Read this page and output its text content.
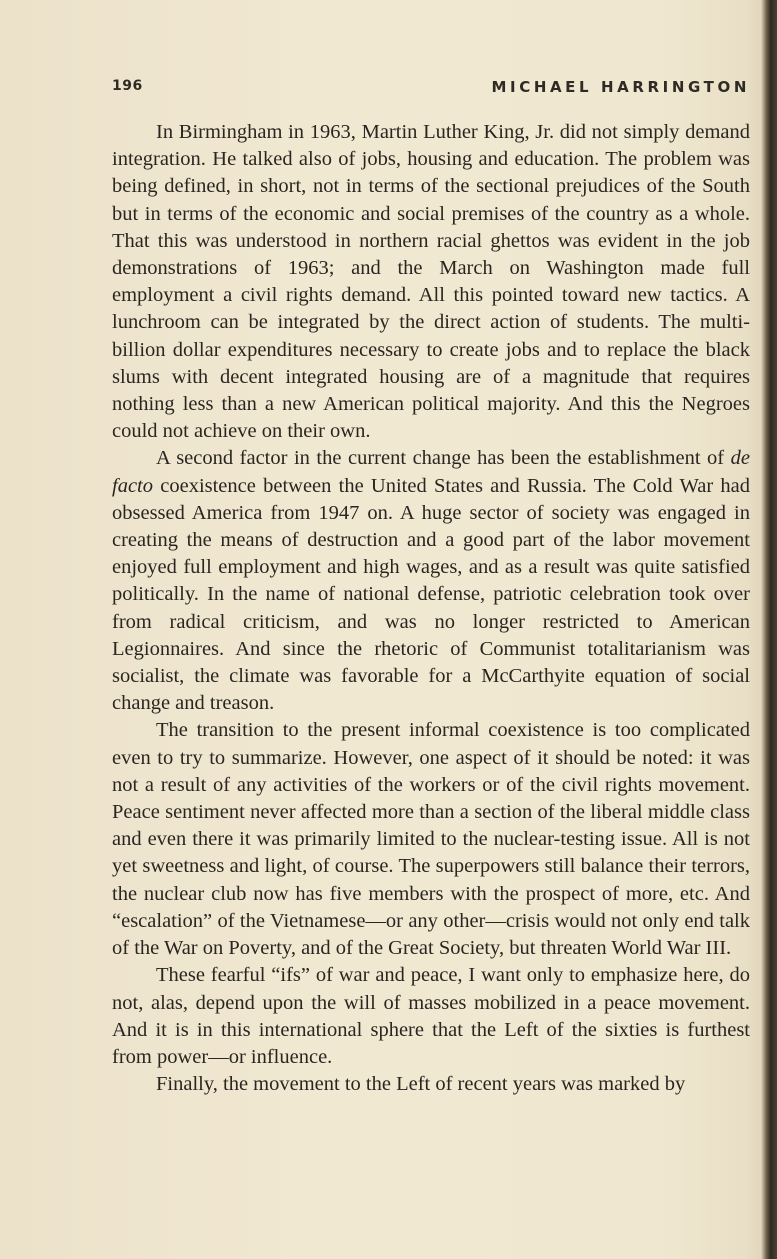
196	MICHAEL HARRINGTON

In Birmingham in 1963, Martin Luther King, Jr. did not simply demand integration. He talked also of jobs, housing and education. The problem was being defined, in short, not in terms of the sectional prejudices of the South but in terms of the economic and social premises of the country as a whole. That this was understood in northern racial ghettos was evident in the job demonstrations of 1963; and the March on Washington made full employment a civil rights demand. All this pointed toward new tactics. A lunchroom can be integrated by the direct action of students. The multi-billion dollar expenditures necessary to create jobs and to replace the black slums with decent integrated housing are of a magnitude that requires nothing less than a new American political majority. And this the Negroes could not achieve on their own.

A second factor in the current change has been the establishment of de facto coexistence between the United States and Russia. The Cold War had obsessed America from 1947 on. A huge sector of society was engaged in creating the means of destruction and a good part of the labor movement enjoyed full employment and high wages, and as a result was quite satisfied politically. In the name of national defense, patriotic celebration took over from radical criticism, and was no longer restricted to American Legionnaires. And since the rhetoric of Communist totalitarianism was socialist, the climate was favorable for a McCarthyite equation of social change and treason.

The transition to the present informal coexistence is too complicated even to try to summarize. However, one aspect of it should be noted: it was not a result of any activities of the workers or of the civil rights movement. Peace sentiment never affected more than a section of the liberal middle class and even there it was primarily limited to the nuclear-testing issue. All is not yet sweetness and light, of course. The superpowers still balance their terrors, the nuclear club now has five members with the prospect of more, etc. And “escalation” of the Vietnamese—or any other—crisis would not only end talk of the War on Poverty, and of the Great Society, but threaten World War III.

These fearful “ifs” of war and peace, I want only to emphasize here, do not, alas, depend upon the will of masses mobilized in a peace movement. And it is in this international sphere that the Left of the sixties is furthest from power—or influence.

Finally, the movement to the Left of recent years was marked by
